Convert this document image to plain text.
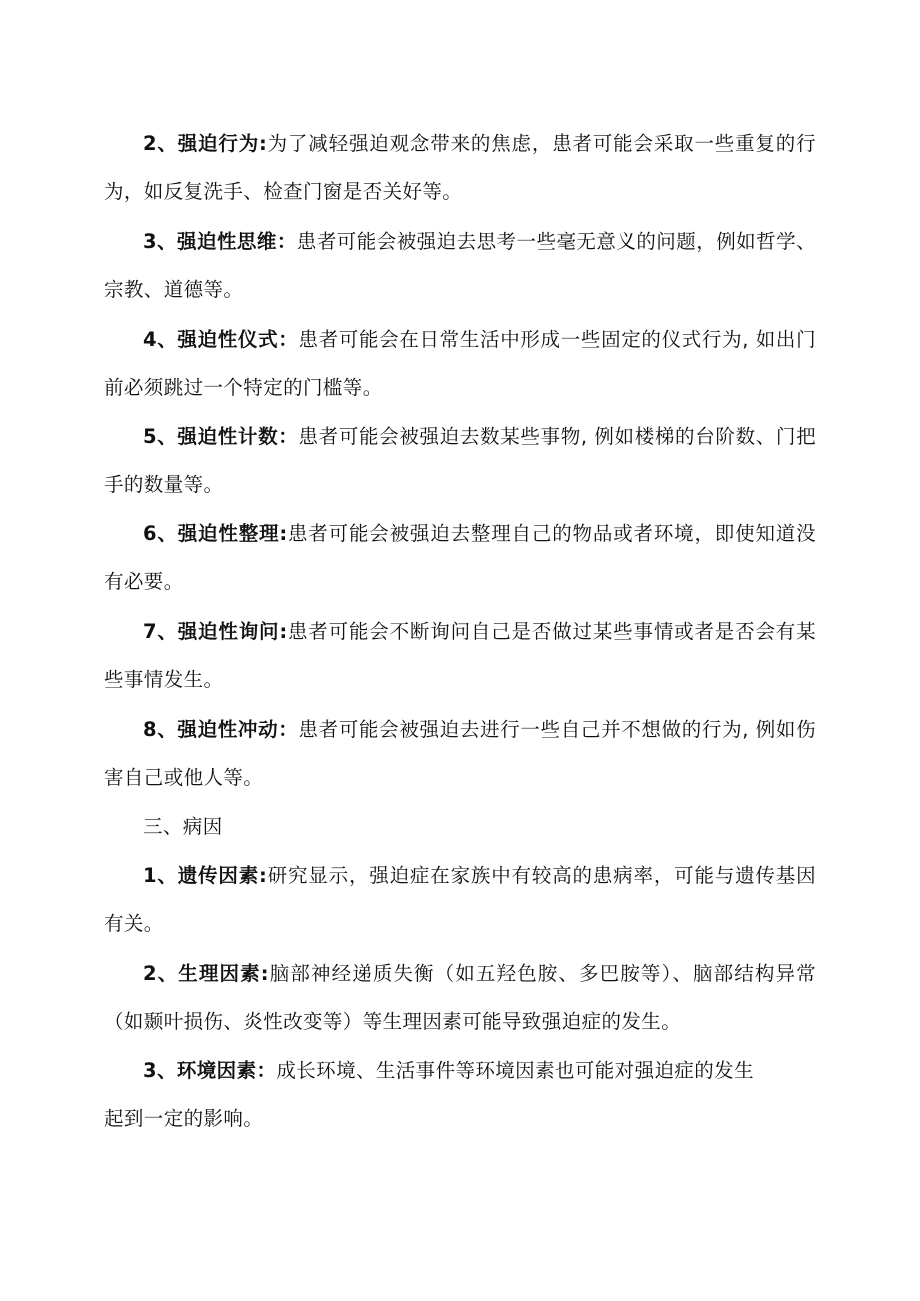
2、强迫行为:为了减轻强迫观念带来的焦虑，患者可能会采取一些重复的行为，如反复洗手、检查门窗是否关好等。

3、强迫性思维：患者可能会被强迫去思考一些毫无意义的问题，例如哲学、宗教、道德等。

4、强迫性仪式：患者可能会在日常生活中形成一些固定的仪式行为, 如出门前必须跳过一个特定的门槛等。

5、强迫性计数：患者可能会被强迫去数某些事物, 例如楼梯的台阶数、门把手的数量等。

6、强迫性整理:患者可能会被强迫去整理自己的物品或者环境，即使知道没有必要。

7、强迫性询问:患者可能会不断询问自己是否做过某些事情或者是否会有某些事情发生。

8、强迫性冲动：患者可能会被强迫去进行一些自己并不想做的行为, 例如伤害自己或他人等。

三、病因

1、遗传因素:研究显示，强迫症在家族中有较高的患病率，可能与遗传基因有关。

2、生理因素:脑部神经递质失衡（如五羟色胺、多巴胺等）、脑部结构异常（如颞叶损伤、炎性改变等）等生理因素可能导致强迫症的发生。

3、环境因素：成长环境、生活事件等环境因素也可能对强迫症的发生
起到一定的影响。
